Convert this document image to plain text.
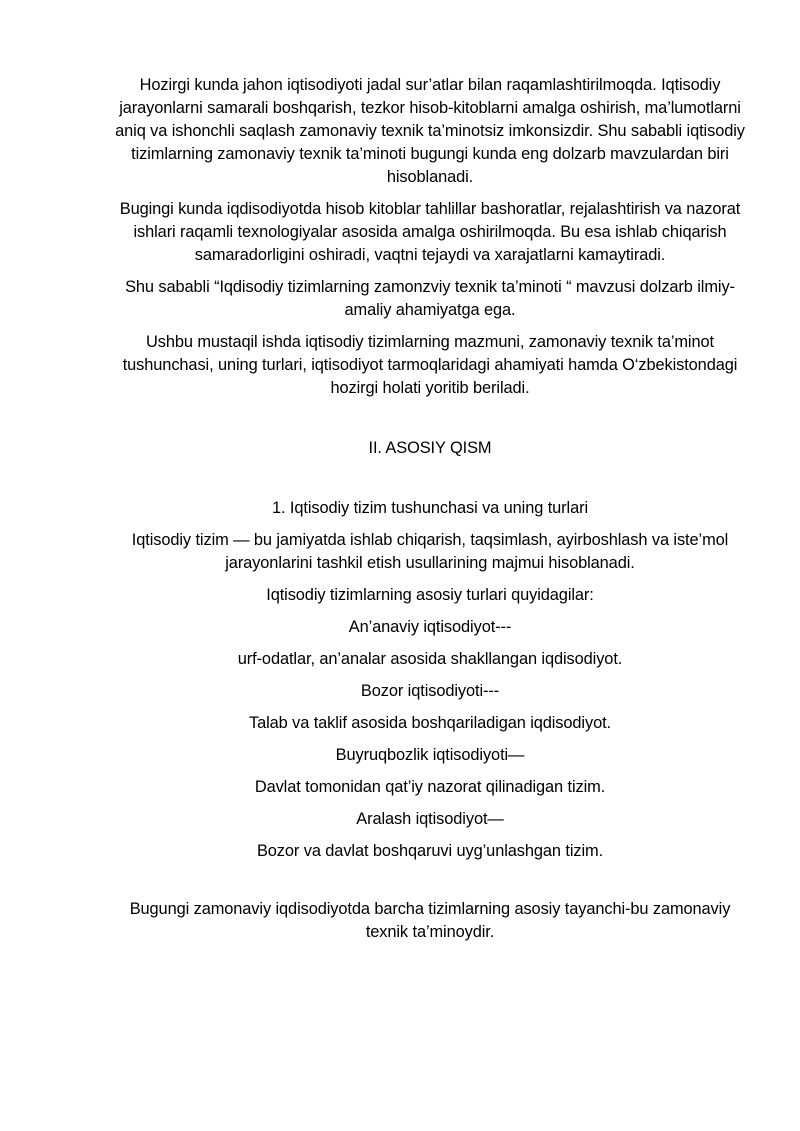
Hozirgi kunda jahon iqtisodiyoti jadal sur’atlar bilan raqamlashtirilmoqda. Iqtisodiy jarayonlarni samarali boshqarish, tezkor hisob-kitoblarni amalga oshirish, ma’lumotlarni aniq va ishonchli saqlash zamonaviy texnik ta’minotsiz imkonsizdir. Shu sababli iqtisodiy tizimlarning zamonaviy texnik ta’minoti bugungi kunda eng dolzarb mavzulardan biri hisoblanadi.

Bugingi kunda iqdisodiyotda hisob kitoblar tahlillar bashoratlar, rejalashtirish va nazorat ishlari raqamli texnologiyalar asosida amalga oshirilmoqda. Bu esa ishlab chiqarish samaradorligini oshiradi, vaqtni tejaydi va xarajatlarni kamaytiradi.

Shu sababli “Iqdisodiy tizimlarning zamonzviy texnik ta’minoti “ mavzusi dolzarb ilmiy-amaliy ahamiyatga ega.

Ushbu mustaqil ishda iqtisodiy tizimlarning mazmuni, zamonaviy texnik ta’minot tushunchasi, uning turlari, iqtisodiyot tarmoqlaridagi ahamiyati hamda O‘zbekistondagi hozirgi holati yoritib beriladi.

II. ASOSIY QISM

1. Iqtisodiy tizim tushunchasi va uning turlari

Iqtisodiy tizim — bu jamiyatda ishlab chiqarish, taqsimlash, ayirboshlash va iste’mol jarayonlarini tashkil etish usullarining majmui hisoblanadi.

Iqtisodiy tizimlarning asosiy turlari quyidagilar:

An’anaviy iqtisodiyot---

urf-odatlar, an’analar asosida shakllangan iqdisodiyot.

Bozor iqtisodiyoti---

Talab va taklif asosida boshqariladigan iqdisodiyot.

Buyruqbozlik iqtisodiyoti—

Davlat tomonidan qat’iy nazorat qilinadigan tizim.

Aralash iqtisodiyot—

Bozor va davlat boshqaruvi uyg’unlashgan tizim.

Bugungi zamonaviy iqdisodiyotda barcha tizimlarning asosiy tayanchi-bu zamonaviy texnik ta’minoydir.
